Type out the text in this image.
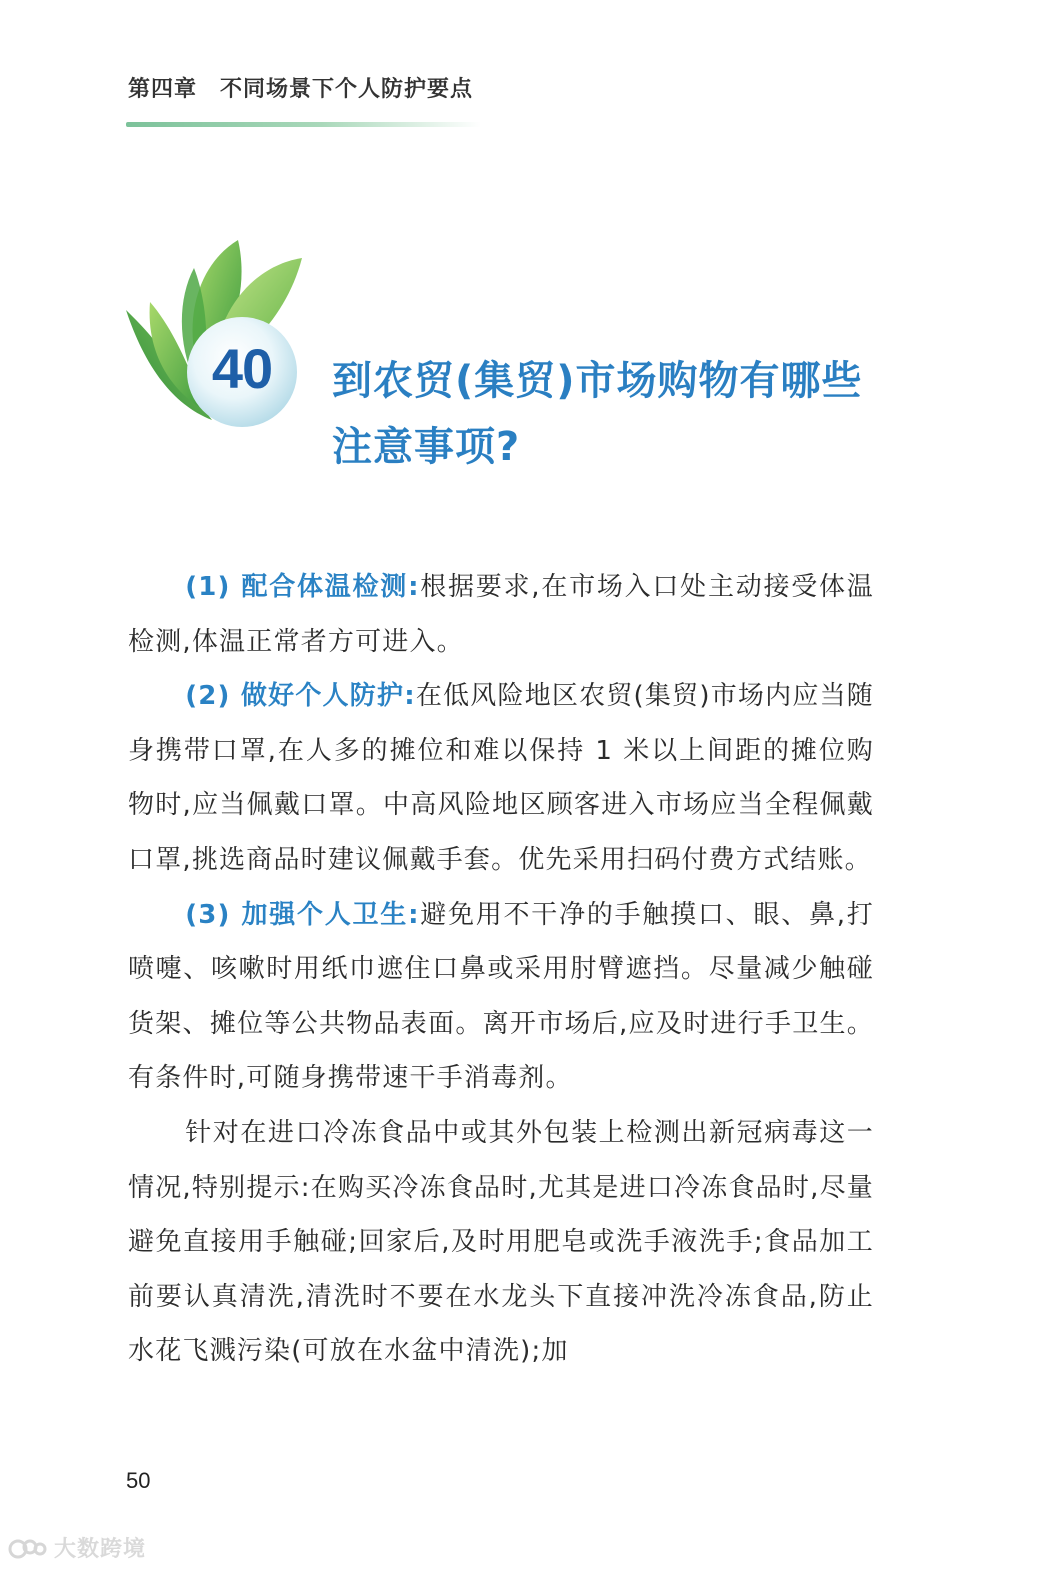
第四章　不同场景下个人防护要点
40	到农贸(集贸)市场购物有哪些注意事项?

(1) 配合体温检测:根据要求,在市场入口处主动接受体温检测,体温正常者方可进入。

(2) 做好个人防护:在低风险地区农贸(集贸)市场内应当随身携带口罩,在人多的摊位和难以保持 1 米以上间距的摊位购物时,应当佩戴口罩。中高风险地区顾客进入市场应当全程佩戴口罩,挑选商品时建议佩戴手套。优先采用扫码付费方式结账。

(3) 加强个人卫生:避免用不干净的手触摸口、眼、鼻,打喷嚏、咳嗽时用纸巾遮住口鼻或采用肘臂遮挡。尽量减少触碰货架、摊位等公共物品表面。离开市场后,应及时进行手卫生。有条件时,可随身携带速干手消毒剂。

针对在进口冷冻食品中或其外包装上检测出新冠病毒这一情况,特别提示:在购买冷冻食品时,尤其是进口冷冻食品时,尽量避免直接用手触碰;回家后,及时用肥皂或洗手液洗手;食品加工前要认真清洗,清洗时不要在水龙头下直接冲洗冷冻食品,防止水花飞溅污染(可放在水盆中清洗);加

50
大数跨境
